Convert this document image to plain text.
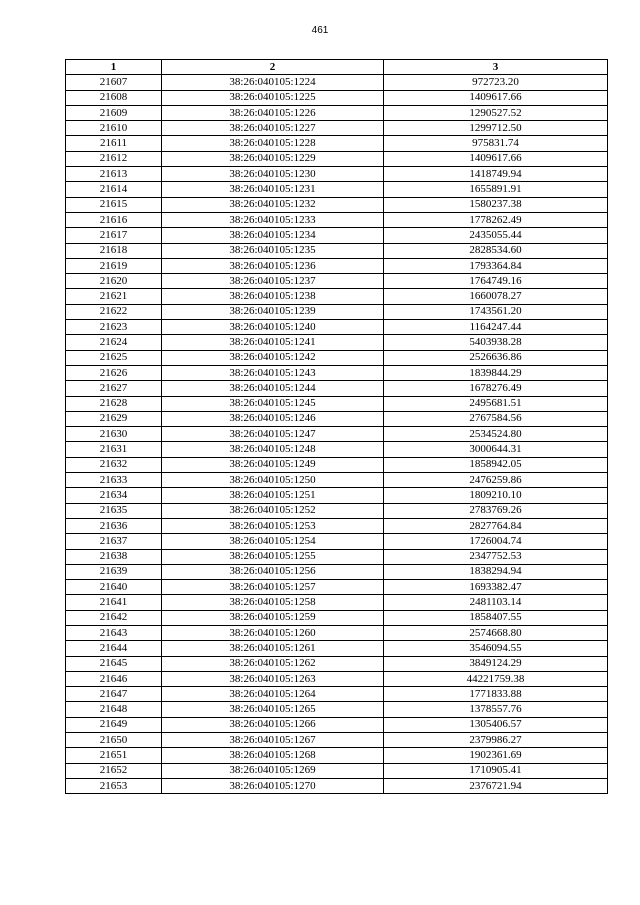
461
1	2	3
21607	38:26:040105:1224	972723.20
21608	38:26:040105:1225	1409617.66
21609	38:26:040105:1226	1290527.52
21610	38:26:040105:1227	1299712.50
21611	38:26:040105:1228	975831.74
21612	38:26:040105:1229	1409617.66
21613	38:26:040105:1230	1418749.94
21614	38:26:040105:1231	1655891.91
21615	38:26:040105:1232	1580237.38
21616	38:26:040105:1233	1778262.49
21617	38:26:040105:1234	2435055.44
21618	38:26:040105:1235	2828534.60
21619	38:26:040105:1236	1793364.84
21620	38:26:040105:1237	1764749.16
21621	38:26:040105:1238	1660078.27
21622	38:26:040105:1239	1743561.20
21623	38:26:040105:1240	1164247.44
21624	38:26:040105:1241	5403938.28
21625	38:26:040105:1242	2526636.86
21626	38:26:040105:1243	1839844.29
21627	38:26:040105:1244	1678276.49
21628	38:26:040105:1245	2495681.51
21629	38:26:040105:1246	2767584.56
21630	38:26:040105:1247	2534524.80
21631	38:26:040105:1248	3000644.31
21632	38:26:040105:1249	1858942.05
21633	38:26:040105:1250	2476259.86
21634	38:26:040105:1251	1809210.10
21635	38:26:040105:1252	2783769.26
21636	38:26:040105:1253	2827764.84
21637	38:26:040105:1254	1726004.74
21638	38:26:040105:1255	2347752.53
21639	38:26:040105:1256	1838294.94
21640	38:26:040105:1257	1693382.47
21641	38:26:040105:1258	2481103.14
21642	38:26:040105:1259	1858407.55
21643	38:26:040105:1260	2574668.80
21644	38:26:040105:1261	3546094.55
21645	38:26:040105:1262	3849124.29
21646	38:26:040105:1263	44221759.38
21647	38:26:040105:1264	1771833.88
21648	38:26:040105:1265	1378557.76
21649	38:26:040105:1266	1305406.57
21650	38:26:040105:1267	2379986.27
21651	38:26:040105:1268	1902361.69
21652	38:26:040105:1269	1710905.41
21653	38:26:040105:1270	2376721.94
